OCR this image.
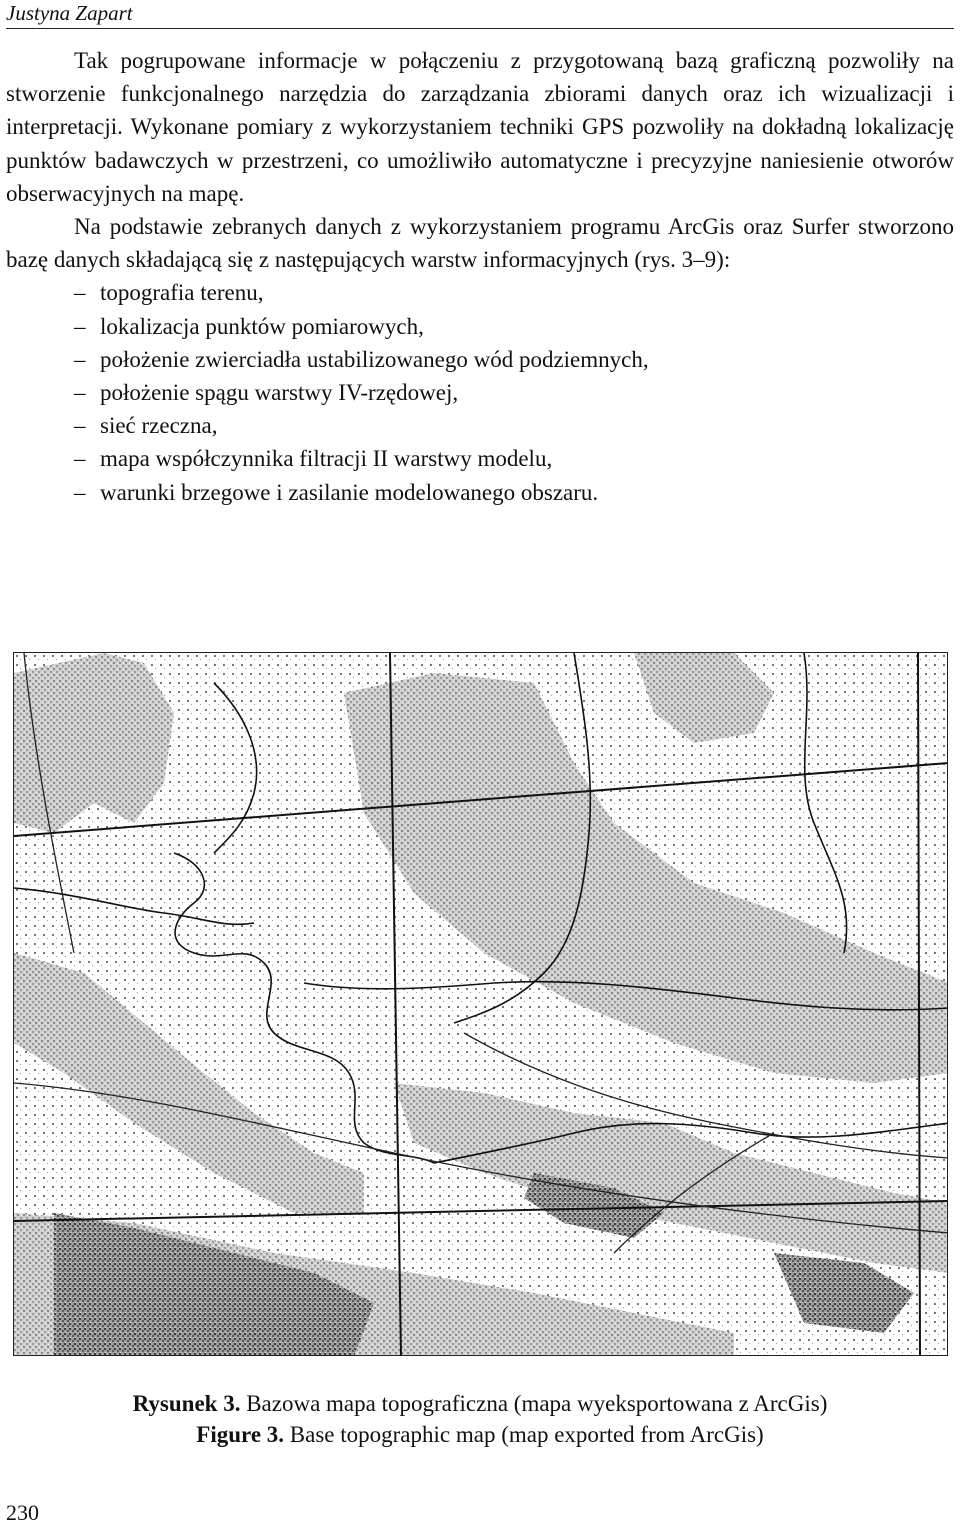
Justyna Zapart

Tak pogrupowane informacje w połączeniu z przygotowaną bazą graficzną pozwoliły na stworzenie funkcjonalnego narzędzia do zarządzania zbiorami danych oraz ich wizualizacji i interpretacji. Wykonane pomiary z wykorzystaniem techniki GPS pozwoliły na dokładną lokalizację punktów badawczych w przestrzeni, co umożliwiło automatyczne i precyzyjne naniesienie otworów obserwacyjnych na mapę.

Na podstawie zebranych danych z wykorzystaniem programu ArcGis oraz Surfer stworzono bazę danych składającą się z następujących warstw informacyjnych (rys. 3–9):

– topografia terenu,
– lokalizacja punktów pomiarowych,
– położenie zwierciadła ustabilizowanego wód podziemnych,
– położenie spągu warstwy IV-rzędowej,
– sieć rzeczna,
– mapa współczynnika filtracji II warstwy modelu,
– warunki brzegowe i zasilanie modelowanego obszaru.
Rysunek 3. Bazowa mapa topograficzna (mapa wyeksportowana z ArcGis)
Figure 3. Base topographic map (map exported from ArcGis)
230
